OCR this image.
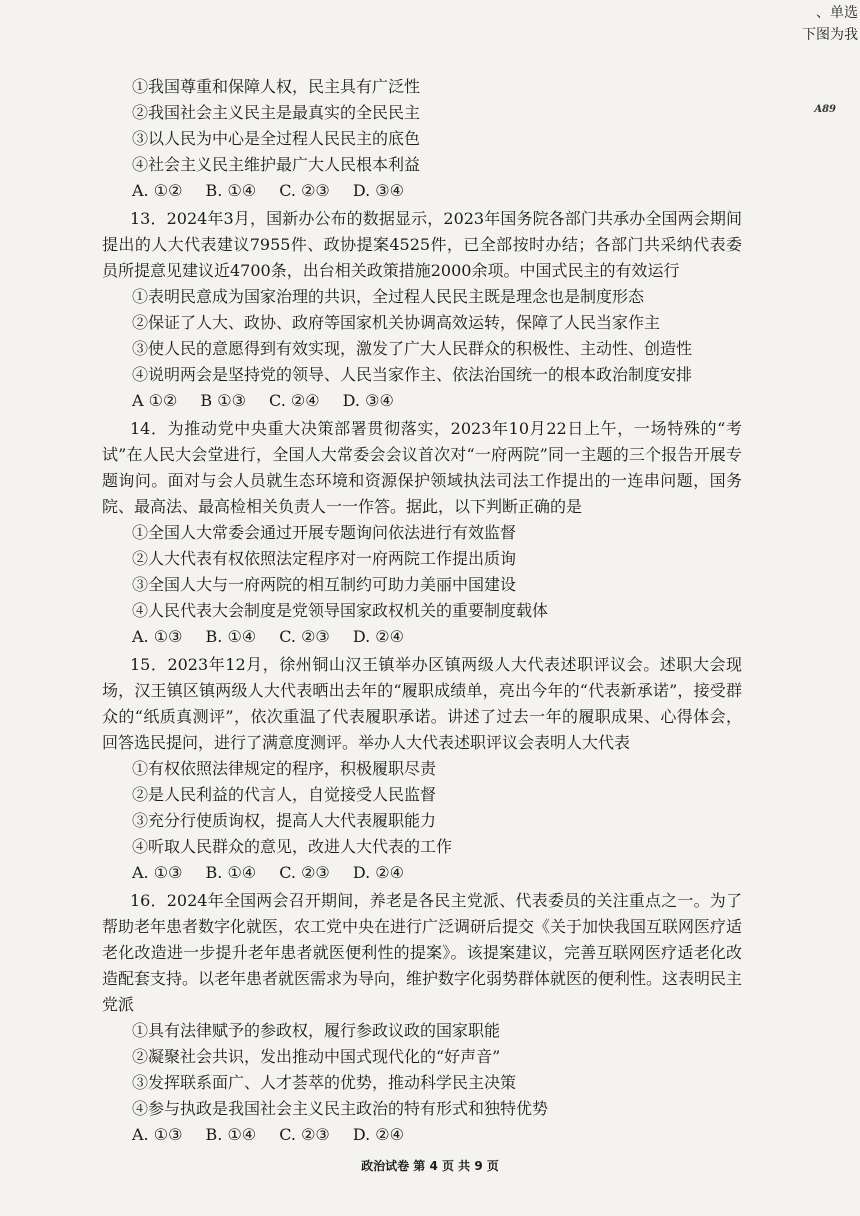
、单选
下图为我
A89
①我国尊重和保障人权，民主具有广泛性
②我国社会主义民主是最真实的全民民主
③以人民为中心是全过程人民民主的底色
④社会主义民主维护最广大人民根本利益
A. ①② B. ①④ C. ②③ D. ③④

13．2024年3月，国新办公布的数据显示，2023年国务院各部门共承办全国两会期间提出的人大代表建议7955件、政协提案4525件，已全部按时办结；各部门共采纳代表委员所提意见建议近4700条，出台相关政策措施2000余项。中国式民主的有效运行

①表明民意成为国家治理的共识，全过程人民民主既是理念也是制度形态
②保证了人大、政协、政府等国家机关协调高效运转，保障了人民当家作主
③使人民的意愿得到有效实现，激发了广大人民群众的积极性、主动性、创造性
④说明两会是坚持党的领导、人民当家作主、依法治国统一的根本政治制度安排
A ①② B ①③ C. ②④ D. ③④

14．为推动党中央重大决策部署贯彻落实，2023年10月22日上午，一场特殊的“考试”在人民大会堂进行，全国人大常委会会议首次对“一府两院”同一主题的三个报告开展专题询问。面对与会人员就生态环境和资源保护领域执法司法工作提出的一连串问题，国务院、最高法、最高检相关负责人一一作答。据此，以下判断正确的是

①全国人大常委会通过开展专题询问依法进行有效监督
②人大代表有权依照法定程序对一府两院工作提出质询
③全国人大与一府两院的相互制约可助力美丽中国建设
④人民代表大会制度是党领导国家政权机关的重要制度载体
A. ①③ B. ①④ C. ②③ D. ②④

15．2023年12月，徐州铜山汉王镇举办区镇两级人大代表述职评议会。述职大会现场，汉王镇区镇两级人大代表晒出去年的“履职成绩单，亮出今年的“代表新承诺”，接受群众的“纸质真测评”，依次重温了代表履职承诺。讲述了过去一年的履职成果、心得体会，回答选民提问，进行了满意度测评。举办人大代表述职评议会表明人大代表

①有权依照法律规定的程序，积极履职尽责
②是人民利益的代言人，自觉接受人民监督
③充分行使质询权，提高人大代表履职能力
④听取人民群众的意见，改进人大代表的工作
A. ①③ B. ①④ C. ②③ D. ②④

16．2024年全国两会召开期间，养老是各民主党派、代表委员的关注重点之一。为了帮助老年患者数字化就医，农工党中央在进行广泛调研后提交《关于加快我国互联网医疗适老化改造进一步提升老年患者就医便利性的提案》。该提案建议，完善互联网医疗适老化改造配套支持。以老年患者就医需求为导向，维护数字化弱势群体就医的便利性。这表明民主党派

①具有法律赋予的参政权，履行参政议政的国家职能
②凝聚社会共识，发出推动中国式现代化的“好声音”
③发挥联系面广、人才荟萃的优势，推动科学民主决策
④参与执政是我国社会主义民主政治的特有形式和独特优势
A. ①③ B. ①④ C. ②③ D. ②④
政治试卷 第 4 页 共 9 页
